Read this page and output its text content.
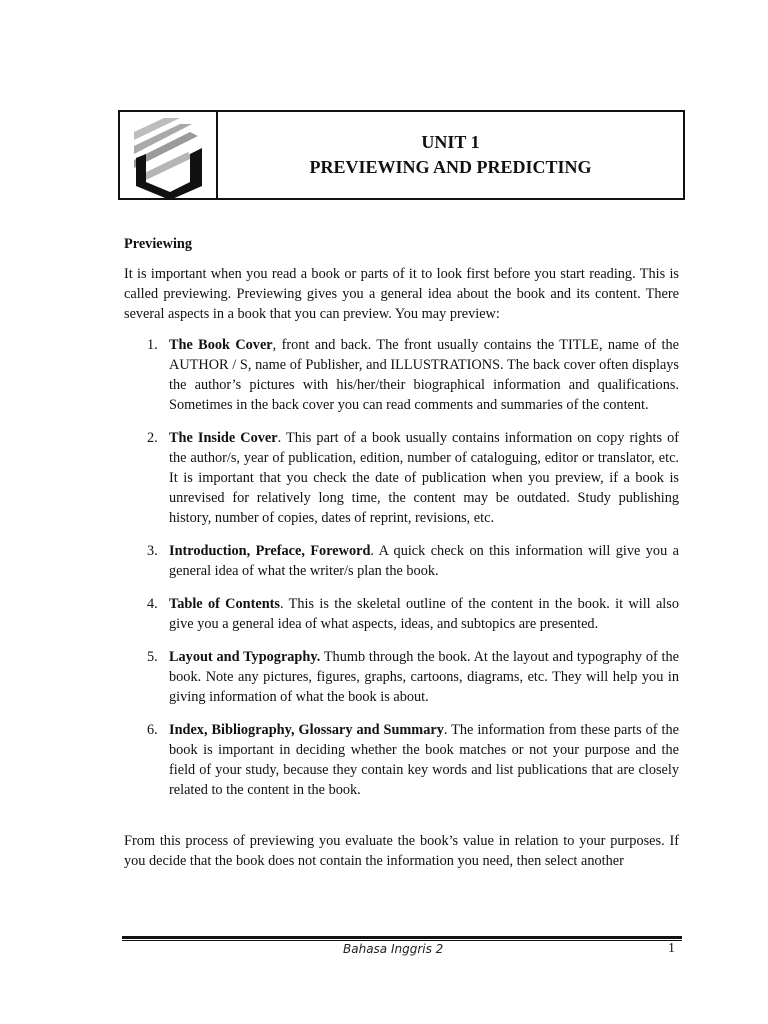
UNIT 1
PREVIEWING AND PREDICTING
Previewing

It is important when you read a book or parts of it to look first before you start reading. This is called previewing. Previewing gives you a general idea about the book and its content. There several aspects in a book that you can preview. You may preview:

1. The Book Cover, front and back. The front usually contains the TITLE, name of the AUTHOR / S, name of Publisher, and ILLUSTRATIONS. The back cover often displays the author’s pictures with his/her/their biographical information and qualifications. Sometimes in the back cover you can read comments and summaries of the content.
2. The Inside Cover. This part of a book usually contains information on copy rights of the author/s, year of publication, edition, number of cataloguing, editor or translator, etc. It is important that you check the date of publication when you preview, if a book is unrevised for relatively long time, the content may be outdated. Study publishing history, number of copies, dates of reprint, revisions, etc.
3. Introduction, Preface, Foreword. A quick check on this information will give you a general idea of what the writer/s plan the book.
4. Table of Contents. This is the skeletal outline of the content in the book. it will also give you a general idea of what aspects, ideas, and subtopics are presented.
5. Layout and Typography. Thumb through the book. At the layout and typography of the book. Note any pictures, figures, graphs, cartoons, diagrams, etc. They will help you in giving information of what the book is about.
6. Index, Bibliography, Glossary and Summary. The information from these parts of the book is important in deciding whether the book matches or not your purpose and the field of your study, because they contain key words and list publications that are closely related to the content in the book.

From this process of previewing you evaluate the book’s value in relation to your purposes. If you decide that the book does not contain the information you need, then select another

Bahasa Inggris 2	1
